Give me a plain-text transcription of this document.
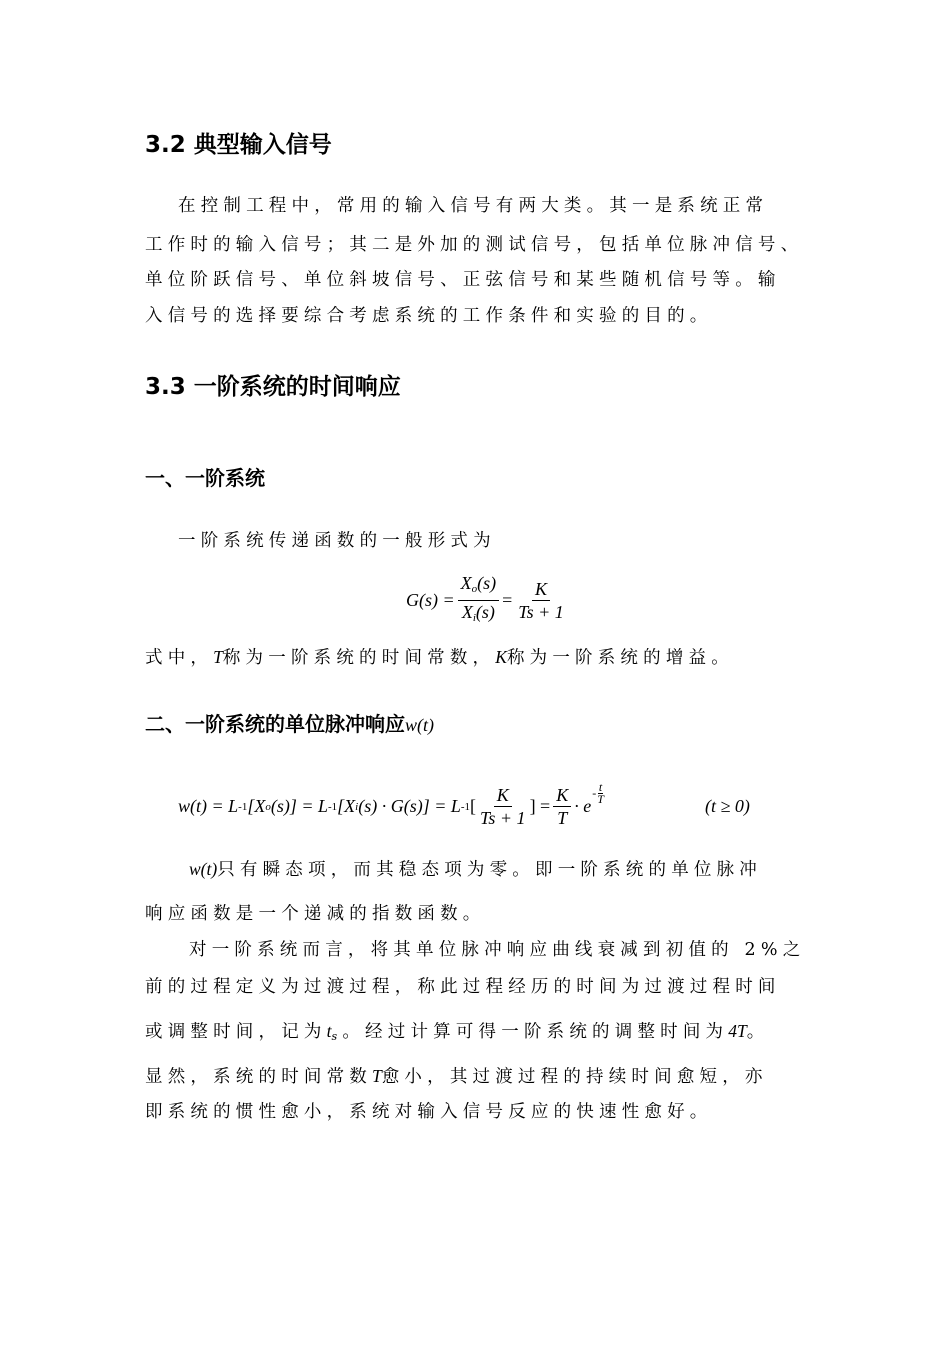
3.2 典型输入信号
在控制工程中，常用的输入信号有两大类。其一是系统正常
工作时的输入信号；其二是外加的测试信号，包括单位脉冲信号、
单位阶跃信号、单位斜坡信号、正弦信号和某些随机信号等。输
入信号的选择要综合考虑系统的工作条件和实验的目的。
3.3 一阶系统的时间响应
一、一阶系统
一阶系统传递函数的一般形式为
$G(s) = \frac{X_o(s)}{X_i(s)} = \frac{K}{Ts + 1}$
式中，T称为一阶系统的时间常数，K称为一阶系统的增益。
二、一阶系统的单位脉冲响应w(t)
w(t) = L -1 [X o (s)] = L -1 [X i (s) · G(s)] = L -1 [ $\frac{K}{Ts + 1}$ ] = $\frac{K}{T} \cdot e$
- $\frac{t}{T}$
(t ≥ 0)
w(t)只有瞬态项，而其稳态项为零。即一阶系统的单位脉冲
响应函数是一个递减的指数函数。
对一阶系统而言，将其单位脉冲响应曲线衰减到初值的 2%之
前的过程定义为过渡过程，称此过程经历的时间为过渡过程时间
或调整时间，记为$t_s$。经过计算可得一阶系统的调整时间为4T。
显然，系统的时间常数T愈小，其过渡过程的持续时间愈短，亦
即系统的惯性愈小，系统对输入信号反应的快速性愈好。
